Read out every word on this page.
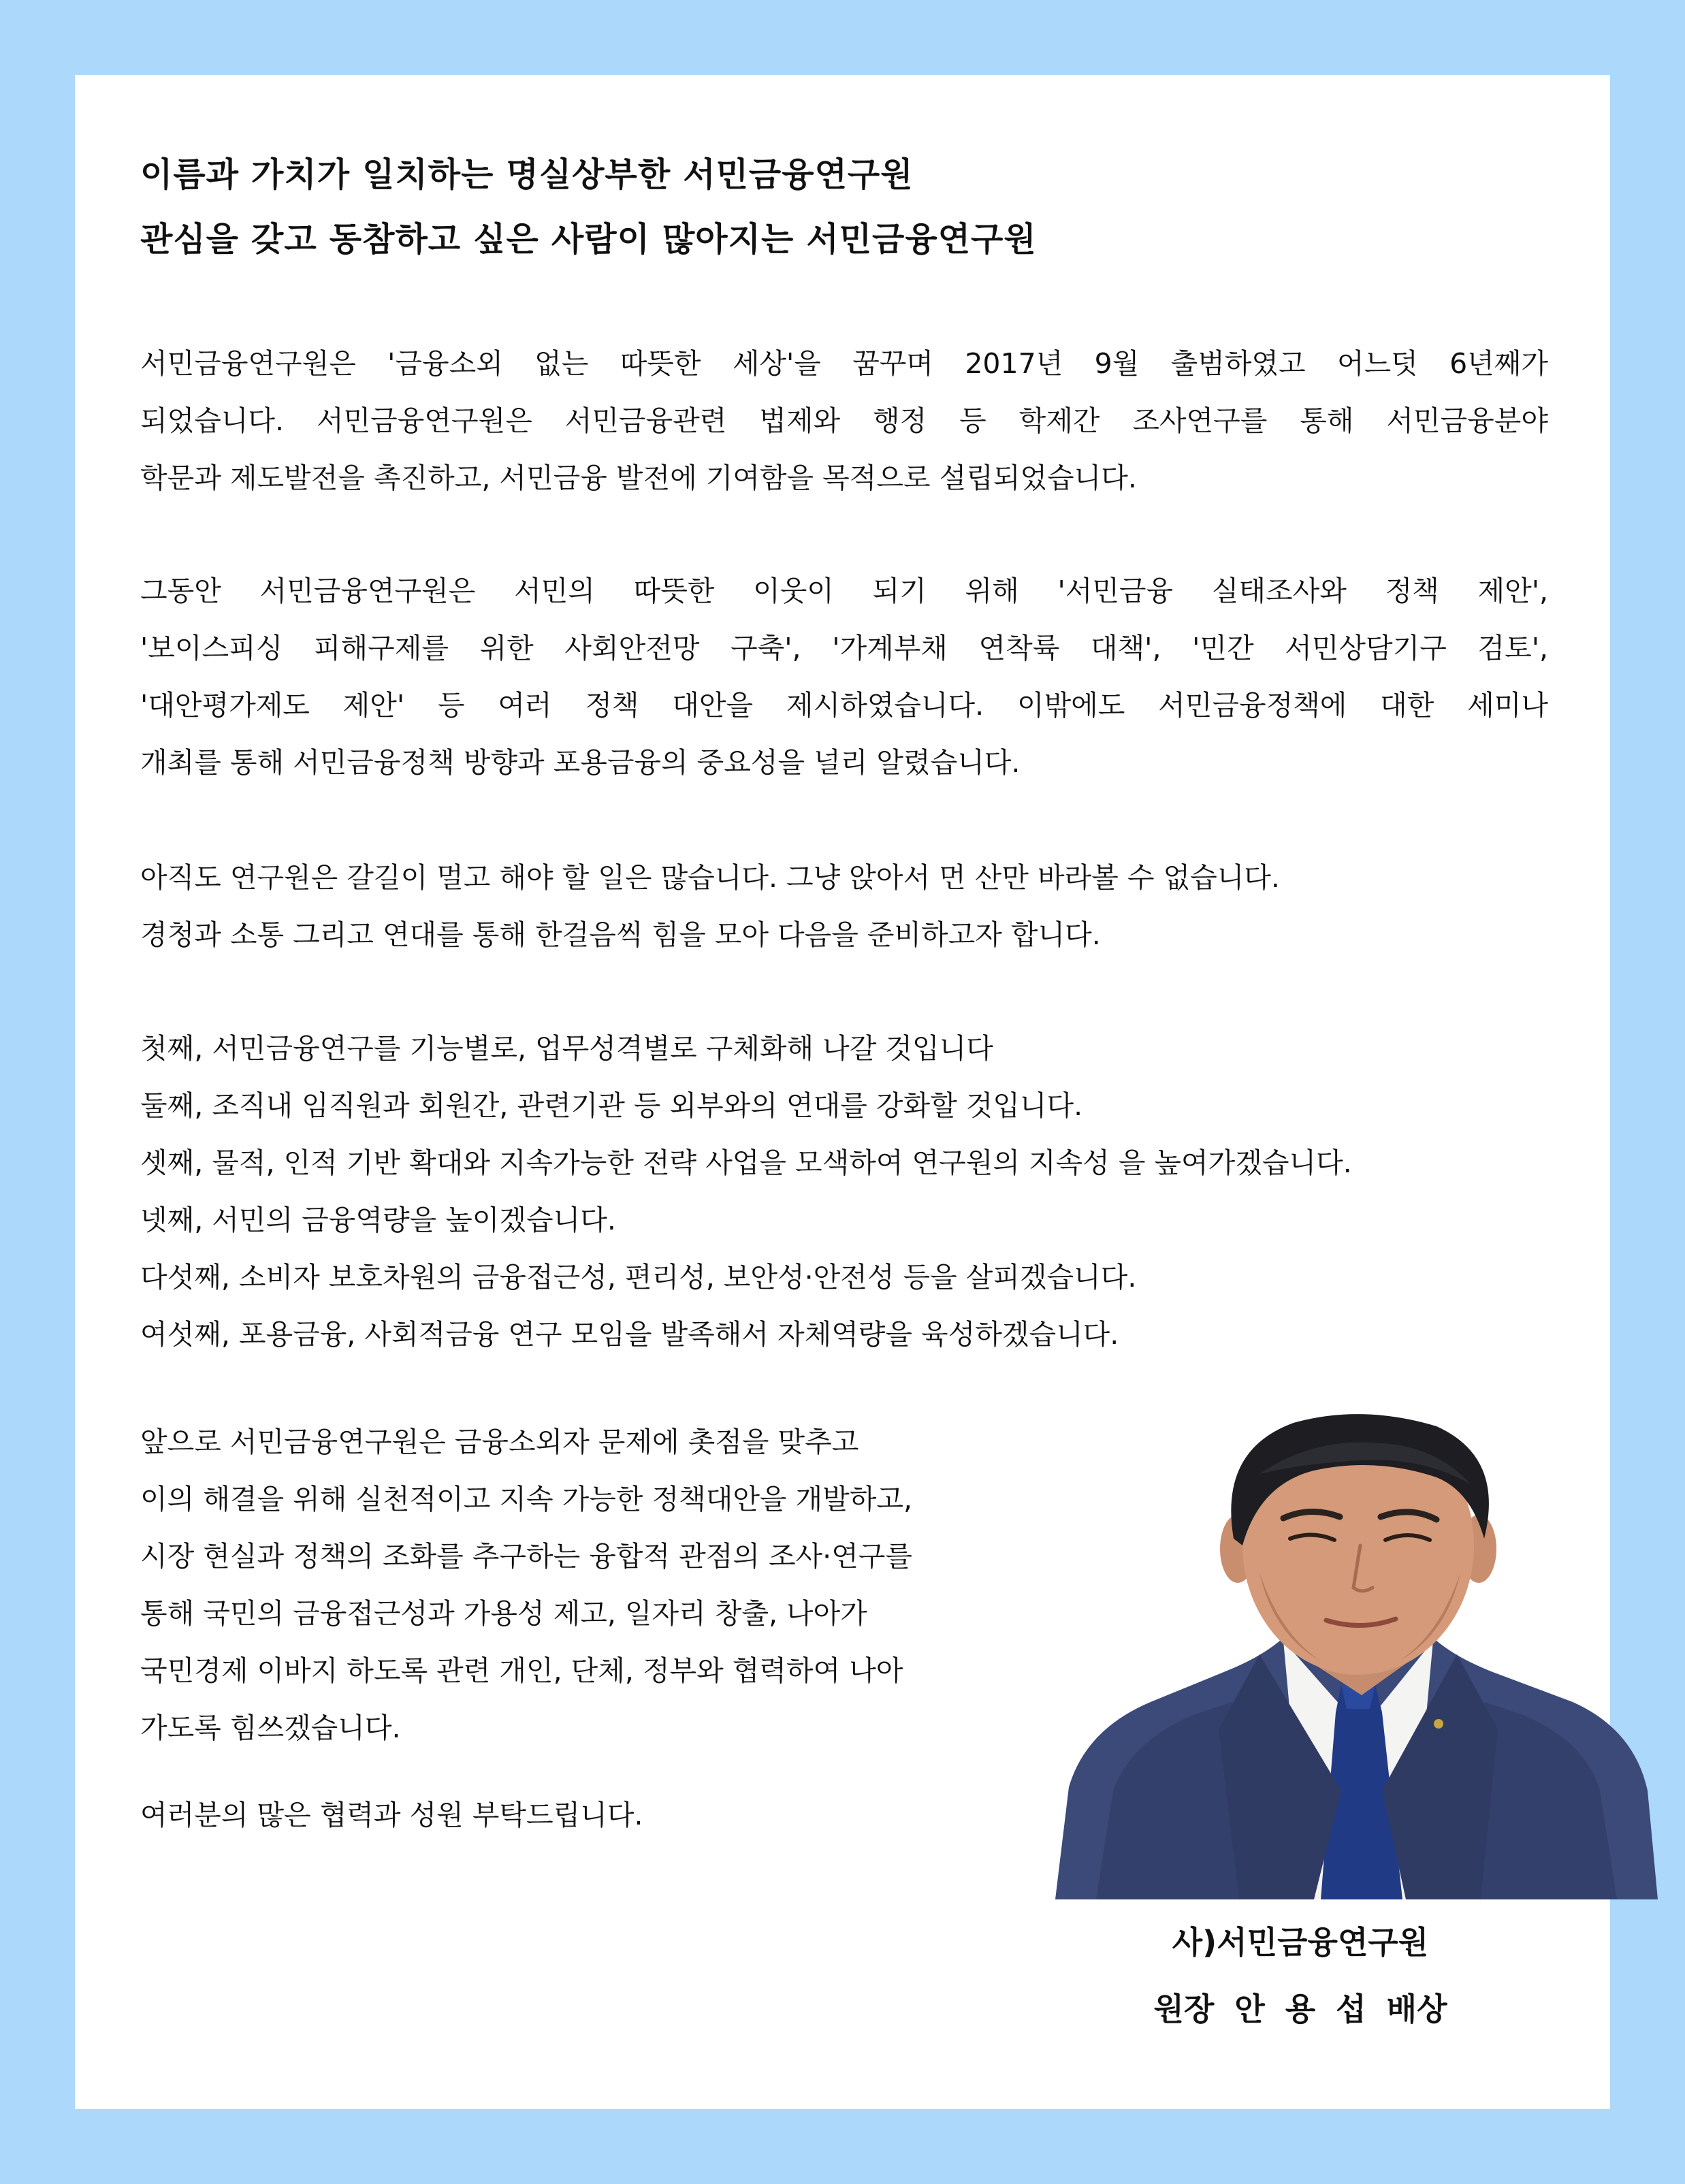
이름과 가치가 일치하는 명실상부한 서민금융연구원
관심을 갖고 동참하고 싶은 사람이 많아지는 서민금융연구원
서민금융연구원은 '금융소외 없는 따뜻한 세상'을 꿈꾸며 2017년 9월 출범하였고 어느덧 6년째가
되었습니다. 서민금융연구원은 서민금융관련 법제와 행정 등 학제간 조사연구를 통해 서민금융분야
학문과 제도발전을 촉진하고, 서민금융 발전에 기여함을 목적으로 설립되었습니다.
그동안 서민금융연구원은 서민의 따뜻한 이웃이 되기 위해 '서민금융 실태조사와 정책 제안',
'보이스피싱 피해구제를 위한 사회안전망 구축', '가계부채 연착륙 대책', '민간 서민상담기구 검토',
'대안평가제도 제안' 등 여러 정책 대안을 제시하였습니다. 이밖에도 서민금융정책에 대한 세미나
개최를 통해 서민금융정책 방향과 포용금융의 중요성을 널리 알렸습니다.
아직도 연구원은 갈길이 멀고 해야 할 일은 많습니다. 그냥 앉아서 먼 산만 바라볼 수 없습니다.
경청과 소통 그리고 연대를 통해 한걸음씩 힘을 모아 다음을 준비하고자 합니다.
첫째, 서민금융연구를 기능별로, 업무성격별로 구체화해 나갈 것입니다
둘째, 조직내 임직원과 회원간, 관련기관 등 외부와의 연대를 강화할 것입니다.
셋째, 물적, 인적 기반 확대와 지속가능한 전략 사업을 모색하여 연구원의 지속성 을 높여가겠습니다.
넷째, 서민의 금융역량을 높이겠습니다.
다섯째, 소비자 보호차원의 금융접근성, 편리성, 보안성·안전성 등을 살피겠습니다.
여섯째, 포용금융, 사회적금융 연구 모임을 발족해서 자체역량을 육성하겠습니다.
앞으로 서민금융연구원은 금융소외자 문제에 촛점을 맞추고
이의 해결을 위해 실천적이고 지속 가능한 정책대안을 개발하고,
시장 현실과 정책의 조화를 추구하는 융합적 관점의 조사·연구를
통해 국민의 금융접근성과 가용성 제고, 일자리 창출, 나아가
국민경제 이바지 하도록 관련 개인, 단체, 정부와 협력하여 나아
가도록 힘쓰겠습니다.
여러분의 많은 협력과 성원 부탁드립니다.
사)서민금융연구원
원장 안 용 섭 배상
